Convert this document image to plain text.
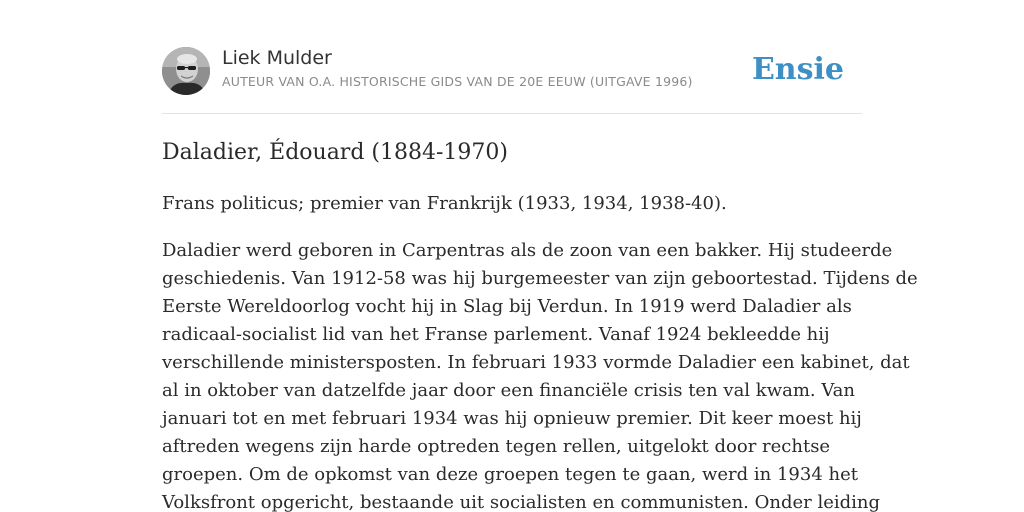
Liek Mulder
AUTEUR VAN O.A. HISTORISCHE GIDS VAN DE 20E EEUW (UITGAVE 1996) Ensie
Daladier, Édouard (1884-1970)

Frans politicus; premier van Frankrijk (1933, 1934, 1938-40).

Daladier werd geboren in Carpentras als de zoon van een bakker. Hij studeerde
geschiedenis. Van 1912-58 was hij burgemeester van zijn geboortestad. Tijdens de
Eerste Wereldoorlog vocht hij in Slag bij Verdun. In 1919 werd Daladier als
radicaal-socialist lid van het Franse parlement. Vanaf 1924 bekleedde hij
verschillende ministersposten. In februari 1933 vormde Daladier een kabinet, dat
al in oktober van datzelfde jaar door een financiële crisis ten val kwam. Van
januari tot en met februari 1934 was hij opnieuw premier. Dit keer moest hij
aftreden wegens zijn harde optreden tegen rellen, uitgelokt door rechtse
groepen. Om de opkomst van deze groepen tegen te gaan, werd in 1934 het
Volksfront opgericht, bestaande uit socialisten en communisten. Onder leiding
